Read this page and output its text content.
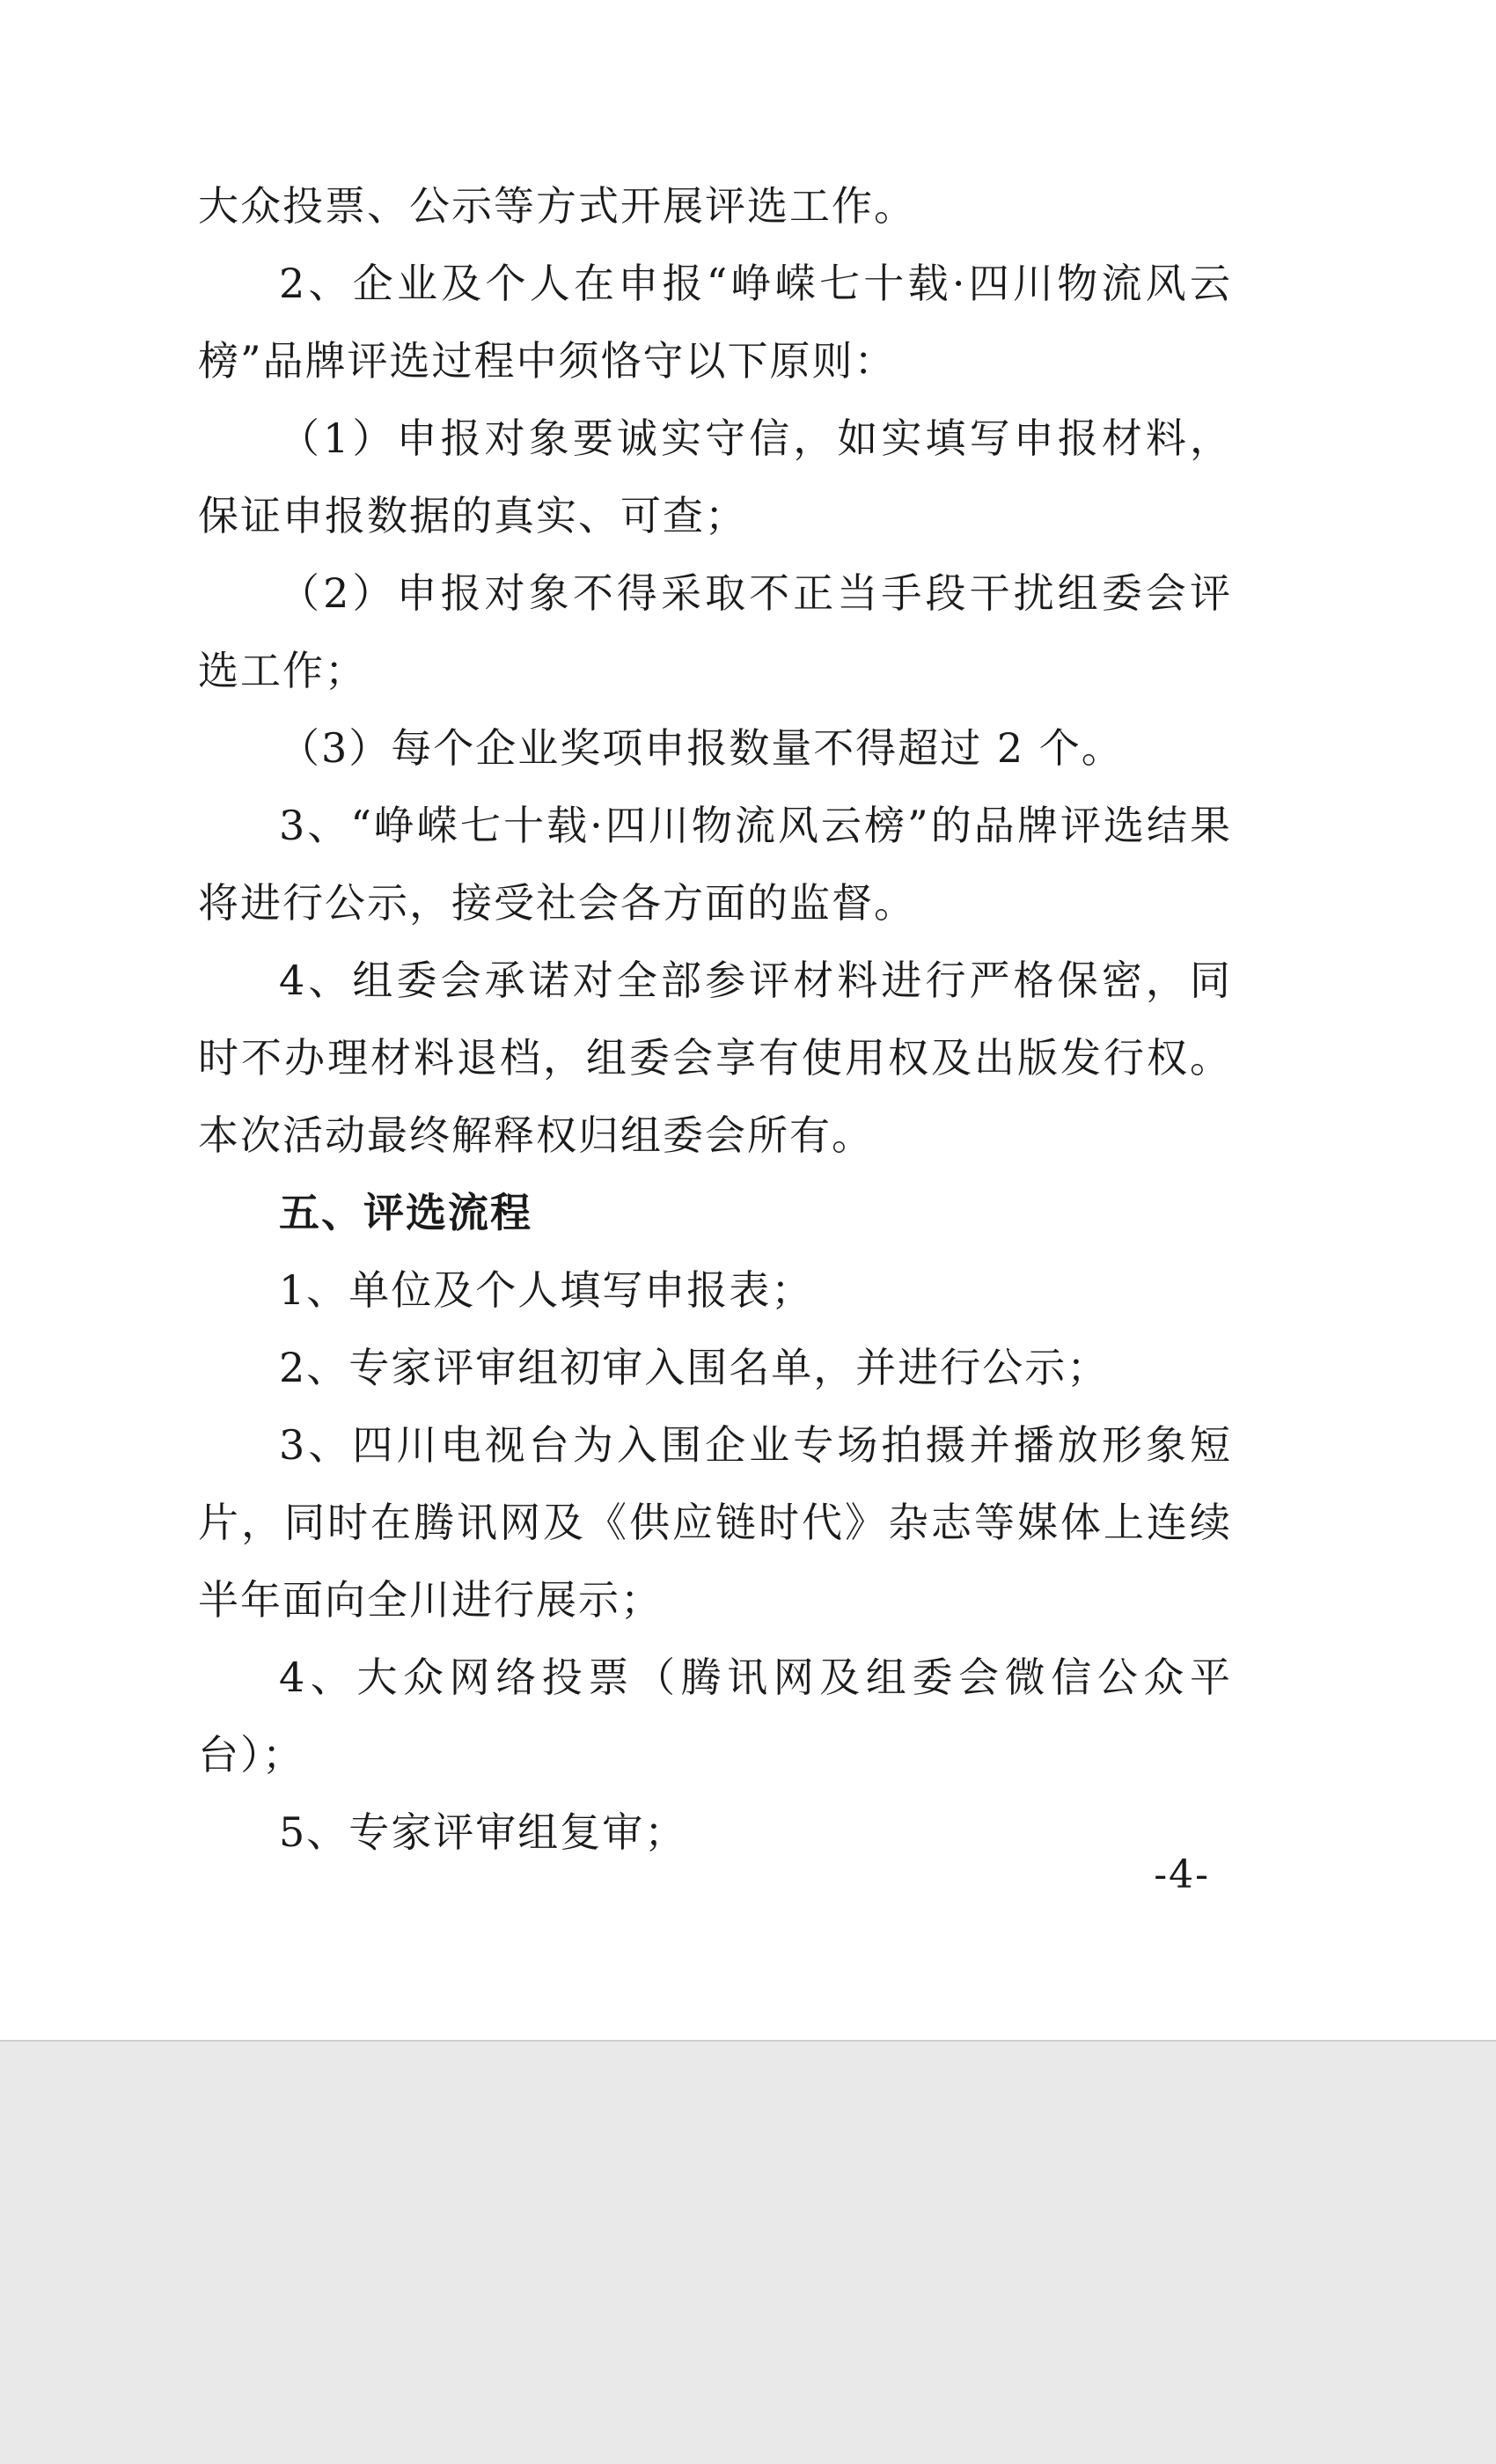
大众投票、公示等方式开展评选工作。

2、企业及个人在申报“峥嵘七十载·四川物流风云榜”品牌评选过程中须恪守以下原则：

（1）申报对象要诚实守信，如实填写申报材料，保证申报数据的真实、可查；

（2）申报对象不得采取不正当手段干扰组委会评选工作；

（3）每个企业奖项申报数量不得超过 2 个。

3、“峥嵘七十载·四川物流风云榜”的品牌评选结果将进行公示，接受社会各方面的监督。

4、组委会承诺对全部参评材料进行严格保密，同时不办理材料退档，组委会享有使用权及出版发行权。本次活动最终解释权归组委会所有。

五、评选流程

1、单位及个人填写申报表；

2、专家评审组初审入围名单，并进行公示；

3、四川电视台为入围企业专场拍摄并播放形象短片，同时在腾讯网及《供应链时代》杂志等媒体上连续半年面向全川进行展示；

4、大众网络投票（腾讯网及组委会微信公众平台）；

5、专家评审组复审；

-4-
